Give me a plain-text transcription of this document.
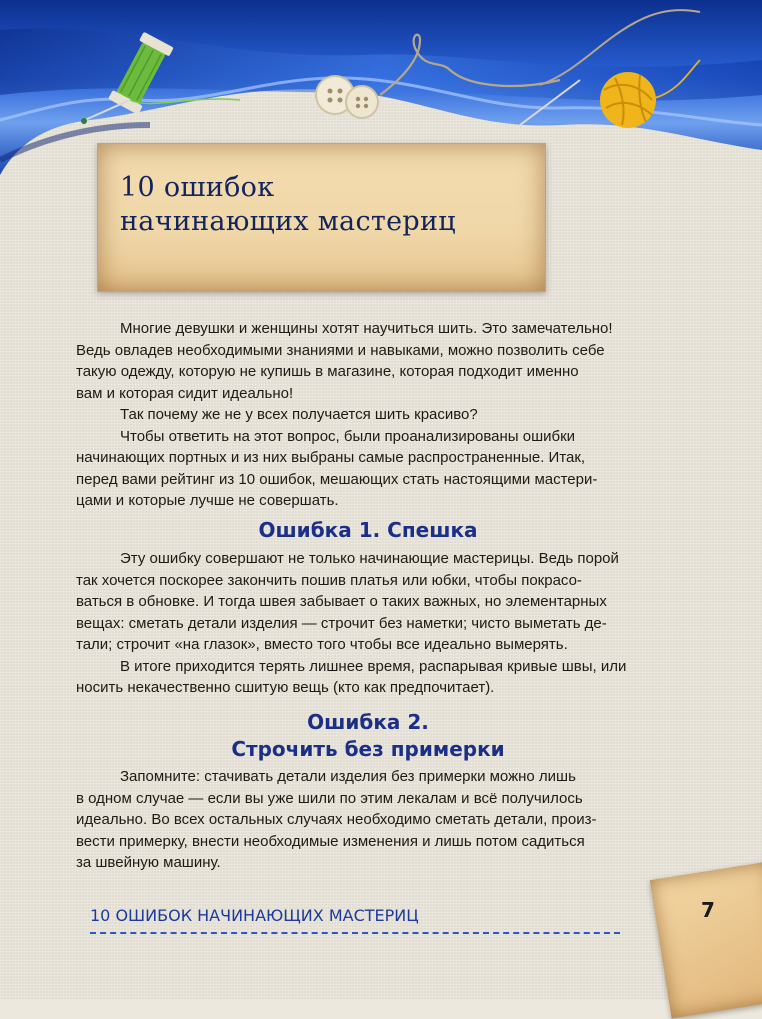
10 ошибок
начинающих мастериц

Многие девушки и женщины хотят научиться шить. Это замечательно!
Ведь овладев необходимыми знаниями и навыками, можно позволить себе
такую одежду, которую не купишь в магазине, которая подходит именно
вам и которая сидит идеально!

Так почему же не у всех получается шить красиво?

Чтобы ответить на этот вопрос, были проанализированы ошибки
начинающих портных и из них выбраны самые распространенные. Итак,
перед вами рейтинг из 10 ошибок, мешающих стать настоящими мастери-
цами и которые лучше не совершать.

Ошибка 1. Спешка

Эту ошибку совершают не только начинающие мастерицы. Ведь порой
так хочется поскорее закончить пошив платья или юбки, чтобы покрасо-
ваться в обновке. И тогда швея забывает о таких важных, но элементарных
вещах: сметать детали изделия — строчит без наметки; чисто выметать де-
тали; строчит «на глазок», вместо того чтобы все идеально вымерять.

В итоге приходится терять лишнее время, распарывая кривые швы, или
носить некачественно сшитую вещь (кто как предпочитает).

Ошибка 2.
Строчить без примерки

Запомните: стачивать детали изделия без примерки можно лишь
в одном случае — если вы уже шили по этим лекалам и всё получилось
идеально. Во всех остальных случаях необходимо сметать детали, произ-
вести примерку, внести необходимые изменения и лишь потом садиться
за швейную машину.

7
10 ОШИБОК НАЧИНАЮЩИХ МАСТЕРИЦ
